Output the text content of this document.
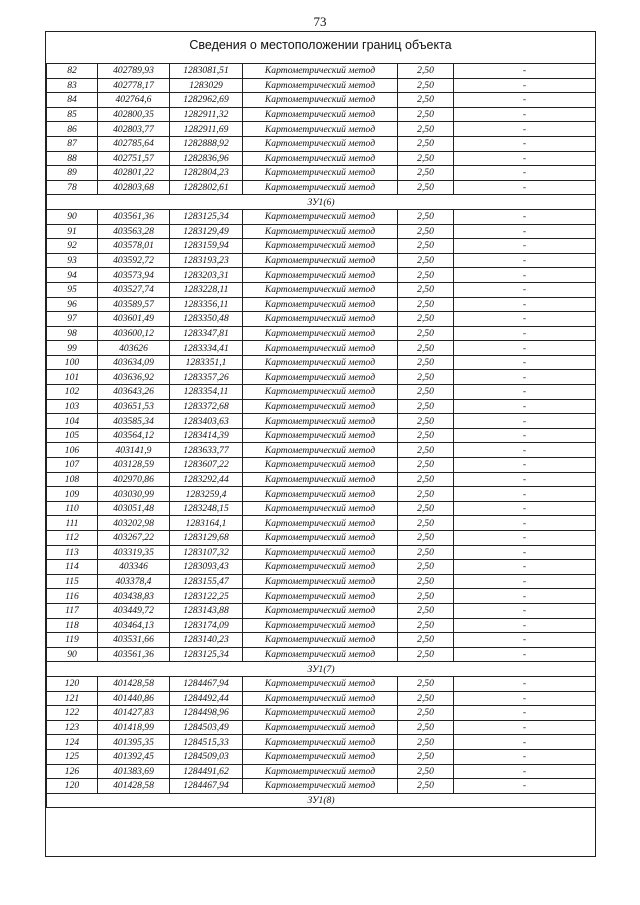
73
Сведения о местоположении границ объекта
82	402789,93	1283081,51	Картометрический метод	2,50	-
83	402778,17	1283029	Картометрический метод	2,50	-
84	402764,6	1282962,69	Картометрический метод	2,50	-
85	402800,35	1282911,32	Картометрический метод	2,50	-
86	402803,77	1282911,69	Картометрический метод	2,50	-
87	402785,64	1282888,92	Картометрический метод	2,50	-
88	402751,57	1282836,96	Картометрический метод	2,50	-
89	402801,22	1282804,23	Картометрический метод	2,50	-
78	402803,68	1282802,61	Картометрический метод	2,50	-
ЗУ1(6)					
90	403561,36	1283125,34	Картометрический метод	2,50	-
91	403563,28	1283129,49	Картометрический метод	2,50	-
92	403578,01	1283159,94	Картометрический метод	2,50	-
93	403592,72	1283193,23	Картометрический метод	2,50	-
94	403573,94	1283203,31	Картометрический метод	2,50	-
95	403527,74	1283228,11	Картометрический метод	2,50	-
96	403589,57	1283356,11	Картометрический метод	2,50	-
97	403601,49	1283350,48	Картометрический метод	2,50	-
98	403600,12	1283347,81	Картометрический метод	2,50	-
99	403626	1283334,41	Картометрический метод	2,50	-
100	403634,09	1283351,1	Картометрический метод	2,50	-
101	403636,92	1283357,26	Картометрический метод	2,50	-
102	403643,26	1283354,11	Картометрический метод	2,50	-
103	403651,53	1283372,68	Картометрический метод	2,50	-
104	403585,34	1283403,63	Картометрический метод	2,50	-
105	403564,12	1283414,39	Картометрический метод	2,50	-
106	403141,9	1283633,77	Картометрический метод	2,50	-
107	403128,59	1283607,22	Картометрический метод	2,50	-
108	402970,86	1283292,44	Картометрический метод	2,50	-
109	403030,99	1283259,4	Картометрический метод	2,50	-
110	403051,48	1283248,15	Картометрический метод	2,50	-
111	403202,98	1283164,1	Картометрический метод	2,50	-
112	403267,22	1283129,68	Картометрический метод	2,50	-
113	403319,35	1283107,32	Картометрический метод	2,50	-
114	403346	1283093,43	Картометрический метод	2,50	-
115	403378,4	1283155,47	Картометрический метод	2,50	-
116	403438,83	1283122,25	Картометрический метод	2,50	-
117	403449,72	1283143,88	Картометрический метод	2,50	-
118	403464,13	1283174,09	Картометрический метод	2,50	-
119	403531,66	1283140,23	Картометрический метод	2,50	-
90	403561,36	1283125,34	Картометрический метод	2,50	-
ЗУ1(7)					
120	401428,58	1284467,94	Картометрический метод	2,50	-
121	401440,86	1284492,44	Картометрический метод	2,50	-
122	401427,83	1284498,96	Картометрический метод	2,50	-
123	401418,99	1284503,49	Картометрический метод	2,50	-
124	401395,35	1284515,33	Картометрический метод	2,50	-
125	401392,45	1284509,03	Картометрический метод	2,50	-
126	401383,69	1284491,62	Картометрический метод	2,50	-
120	401428,58	1284467,94	Картометрический метод	2,50	-
ЗУ1(8)					
